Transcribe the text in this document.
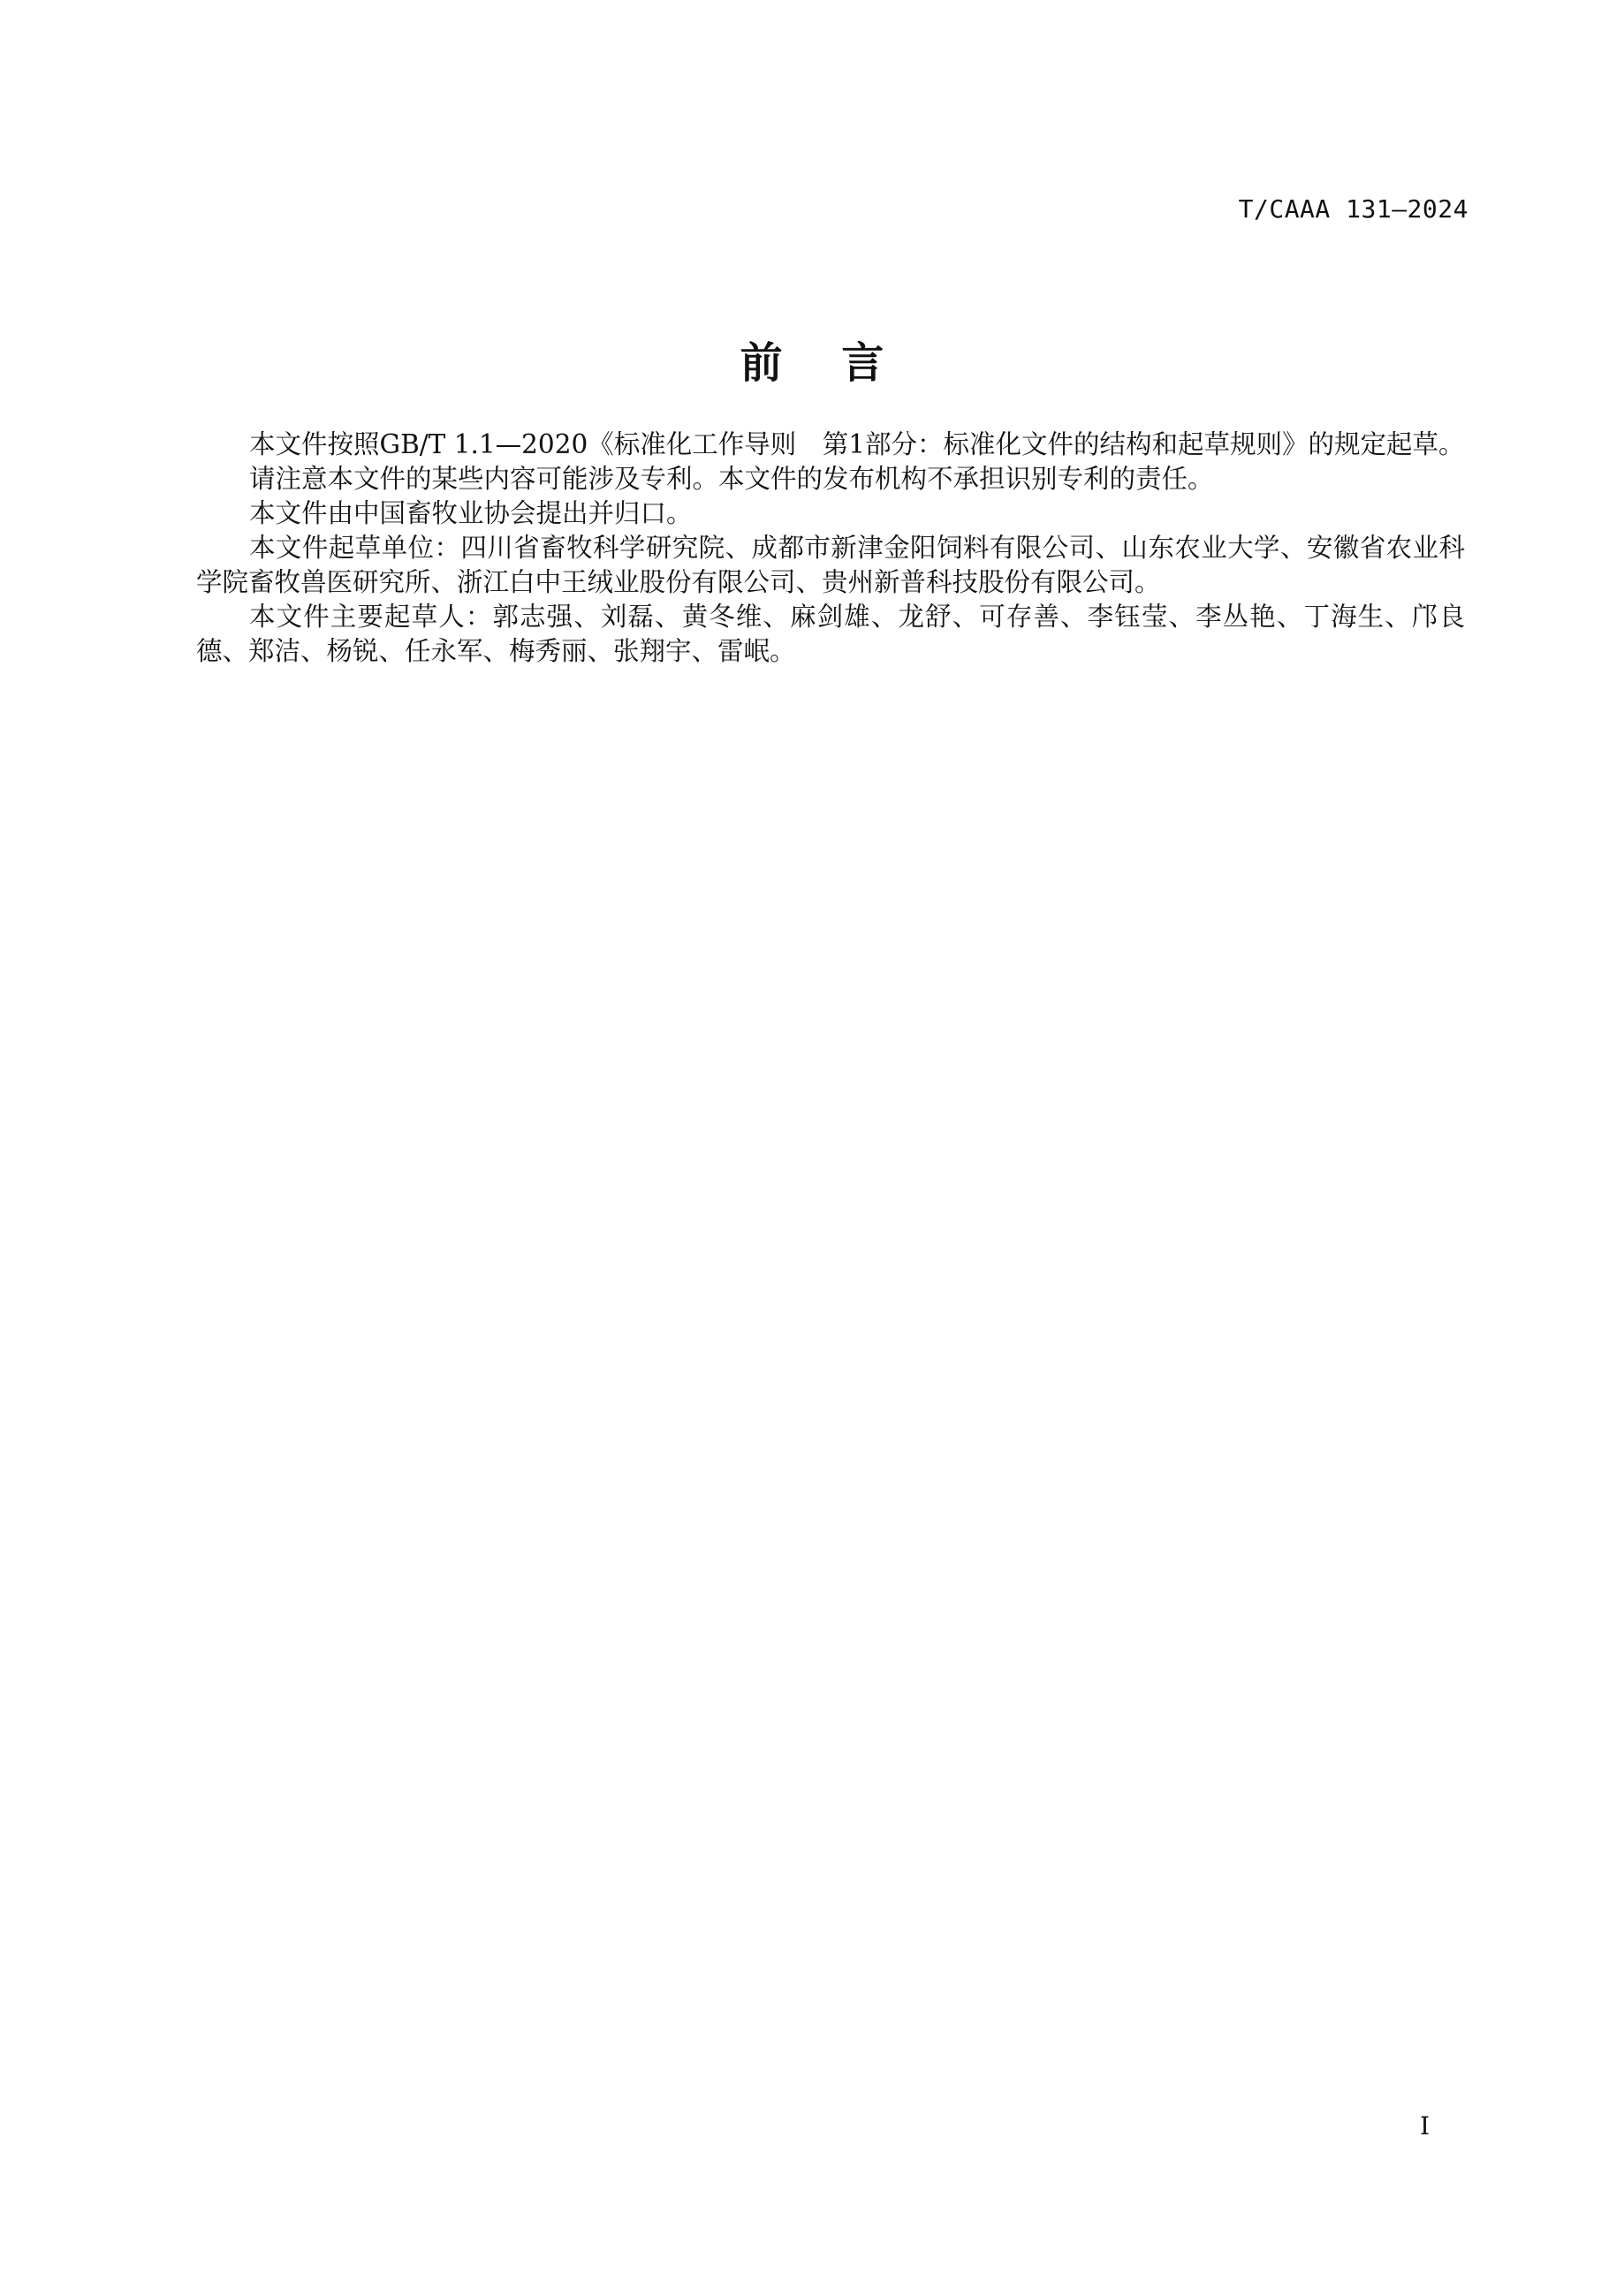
T/CAAA 131—2024
前    言

本文件按照GB/T 1.1—2020《标准化工作导则　第1部分：标准化文件的结构和起草规则》的规定起草。

请注意本文件的某些内容可能涉及专利。本文件的发布机构不承担识别专利的责任。

本文件由中国畜牧业协会提出并归口。

本文件起草单位：四川省畜牧科学研究院、成都市新津金阳饲料有限公司、山东农业大学、安徽省农业科学院畜牧兽医研究所、浙江白中王绒业股份有限公司、贵州新普科技股份有限公司。

本文件主要起草人：郭志强、刘磊、黄冬维、麻剑雄、龙舒、可存善、李钰莹、李丛艳、丁海生、邝良德、郑洁、杨锐、任永军、梅秀丽、张翔宇、雷岷。

I
